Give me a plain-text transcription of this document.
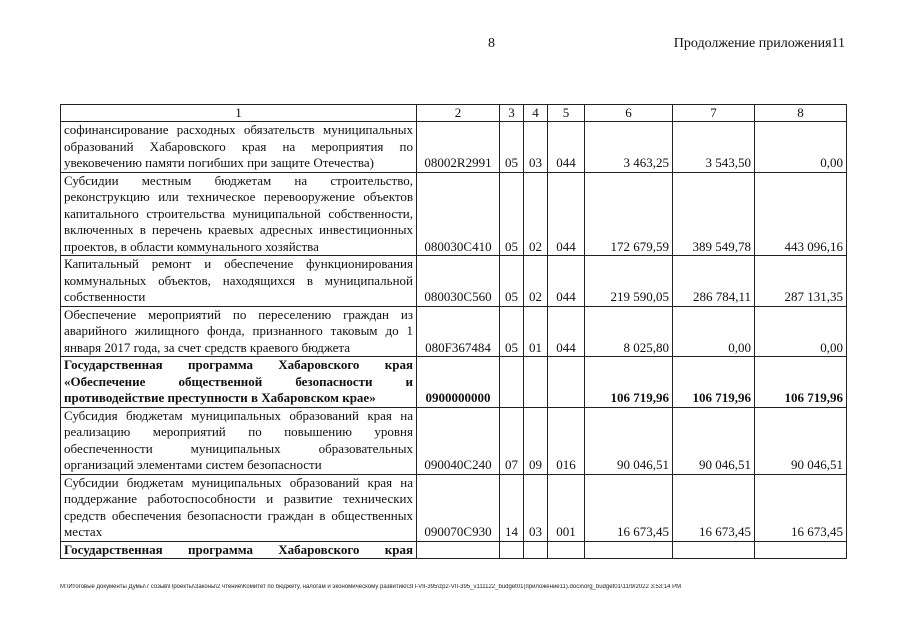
8	Продолжение приложения11
1	2	3	4	5	6	7	8
софинансирование расходных обязательств муниципальных образований Хабаровского края на мероприятия по увековечению памяти погибших при защите Отечества)	08002R2991	05	03	044	3 463,25	3 543,50	0,00
Субсидии местным бюджетам на строительство, реконструкцию или техническое перевооружение объектов капитального строительства муниципальной собственности, включенных в перечень краевых адресных инвестиционных проектов, в области коммунального хозяйства	080030C410	05	02	044	172 679,59	389 549,78	443 096,16
Капитальный ремонт и обеспечение функционирования коммунальных объектов, находящихся в муниципальной собственности	080030C560	05	02	044	219 590,05	286 784,11	287 131,35
Обеспечение мероприятий по переселению граждан из аварийного жилищного фонда, признанного таковым до 1 января 2017 года, за счет средств краевого бюджета	080F367484	05	01	044	8 025,80	0,00	0,00
Государственная программа Хабаровского края «Обеспечение общественной безопасности и противодействие преступности в Хабаровском крае»	0900000000				106 719,96	106 719,96	106 719,96
Субсидия бюджетам муниципальных образований края на реализацию мероприятий по повышению уровня обеспеченности муниципальных образовательных организаций элементами систем безопасности	090040C240	07	09	016	90 046,51	90 046,51	90 046,51
Субсидии бюджетам муниципальных образований края на поддержание работоспособности и развитие технических средств обеспечения безопасности граждан в общественных местах	090070C930	14	03	001	16 673,45	16 673,45	16 673,45
Государственная программа Хабаровского края							
М:\Итоговые документы Думы\7 созыв\Проекты\Законы\2 чтение\Комитет по бюджету, налогам и экономическому развитию\ЗП-VII-395\zp2-VII-395_v111122_budget01(приложение11).docx\org_budget01\11/9/2022 3:53:14 PM
